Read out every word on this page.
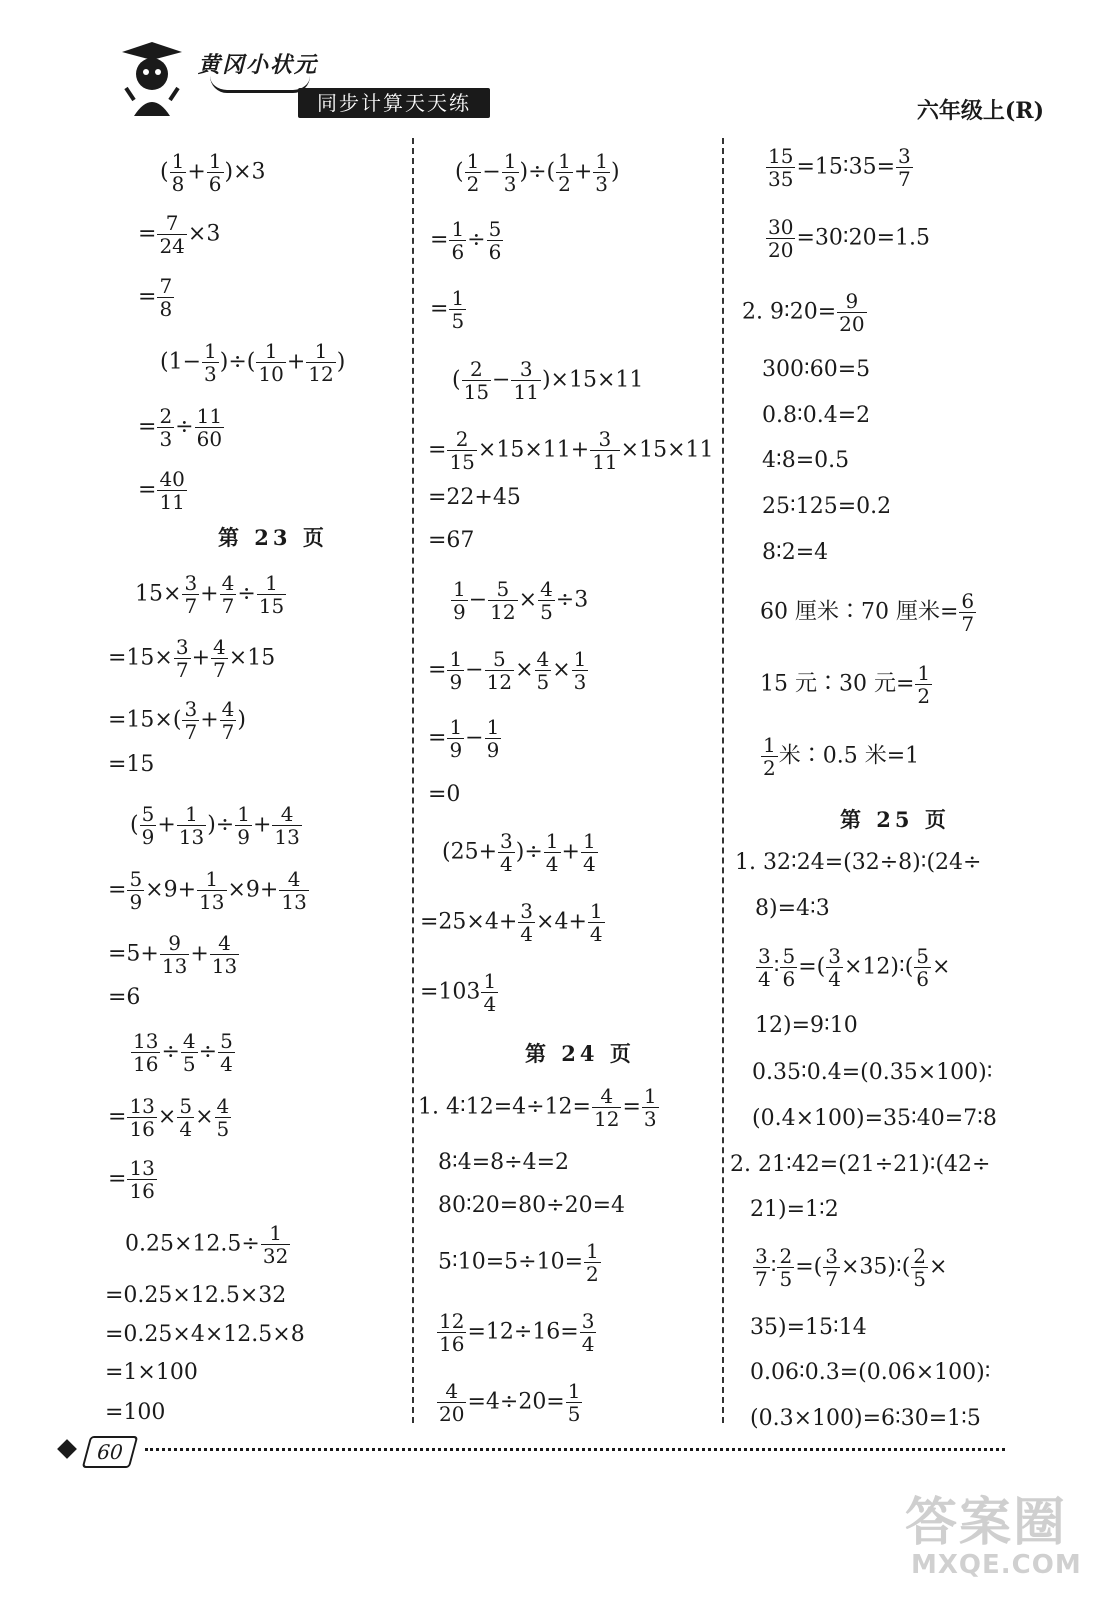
黄冈小状元
同步计算天天练	六年级上(R)
( $\frac{1}{8} + \frac{1}{6} )\times 3$
= $\frac{7}{24} \times 3$
= $\frac{7}{8}$
($1- \frac{1}{3}$ )÷( $\frac{1}{10} + \frac{1}{12}$ )
= $\frac{2}{3} \div \frac{11}{60}$
= $\frac{40}{11}$
第 23 页
$15\times \frac{3}{7} + \frac{4}{7} \div \frac{1}{15}$
$=15\times \frac{3}{7} + \frac{4}{7} \times 15$
$=15\times( \frac{3}{7} + \frac{4}{7}$ )
=15
( $\frac{5}{9} + \frac{1}{13}$ )÷ $\frac{1}{9} + \frac{4}{13}$
= $\frac{5}{9} \times 9+ \frac{1}{13} \times 9+ \frac{4}{13}$
$=5+ \frac{9}{13} + \frac{4}{13}$
=6
$\frac{13}{16} \div \frac{4}{5} \div \frac{5}{4}$
= $\frac{13}{16} \times \frac{5}{4} \times \frac{4}{5}$
= $\frac{13}{16}$
$0.25\times 12.5\div \frac{1}{32}$
=0.25×12.5×32
=0.25×4×12.5×8
=1×100
=100
( $\frac{1}{2} - \frac{1}{3}$ )÷( $\frac{1}{2} + \frac{1}{3}$ )
= $\frac{1}{6} \div \frac{5}{6}$
= $\frac{1}{5}$
( $\frac{2}{15} - \frac{3}{11} )\times 15\times 11$
= $\frac{2}{15} \times 15\times 11+ \frac{3}{11} \times 15\times 11$
=22+45
=67
$\frac{1}{9} - \frac{5}{12} \times \frac{4}{5} \div 3$
= $\frac{1}{9} - \frac{5}{12} \times \frac{4}{5} \times \frac{1}{3}$
= $\frac{1}{9} - \frac{1}{9}$
=0
($25+ \frac{3}{4}$ )÷ $\frac{1}{4} + \frac{1}{4}$
$=25\times 4+ \frac{3}{4} \times 4+ \frac{1}{4}$
$=103 \frac{1}{4}$
第 24 页
1. 4∶12=4÷12= $\frac{4}{12} = \frac{1}{3}$
8∶4=8÷4=2
80∶20=80÷20=4
5∶10=5÷10= $\frac{1}{2}$
$\frac{12}{16} =12\div 16= \frac{3}{4}$
$\frac{4}{20} =4\div 20= \frac{1}{5}$
$\frac{15}{35}$ =15∶35= $\frac{3}{7}$
$\frac{30}{20}$ =30∶20=1.5
2. 9∶20= $\frac{9}{20}$
300∶60=5
0.8∶0.4=2
4∶8=0.5
25∶125=0.2
8∶2=4
60 厘米∶70 厘米= $\frac{6}{7}$
15 元∶30 元= $\frac{1}{2}$
$\frac{1}{2}$ 米∶0.5 米=1
第 25 页
1. 32∶24=(32÷8)∶(24÷
8)=4∶3
$\frac{3}{4}$ ∶ $\frac{5}{6}$ =( $\frac{3}{4}$ ×12)∶( $\frac{5}{6}$ ×
12)=9∶10
0.35∶0.4=(0.35×100)∶
(0.4×100)=35∶40=7∶8
2. 21∶42=(21÷21)∶(42÷
21)=1∶2
$\frac{3}{7}$ ∶ $\frac{2}{5}$ =( $\frac{3}{7}$ ×35)∶( $\frac{2}{5}$ ×
35)=15∶14
0.06∶0.3=(0.06×100)∶
(0.3×100)=6∶30=1∶5
60
答案圈
MXQE.COM
